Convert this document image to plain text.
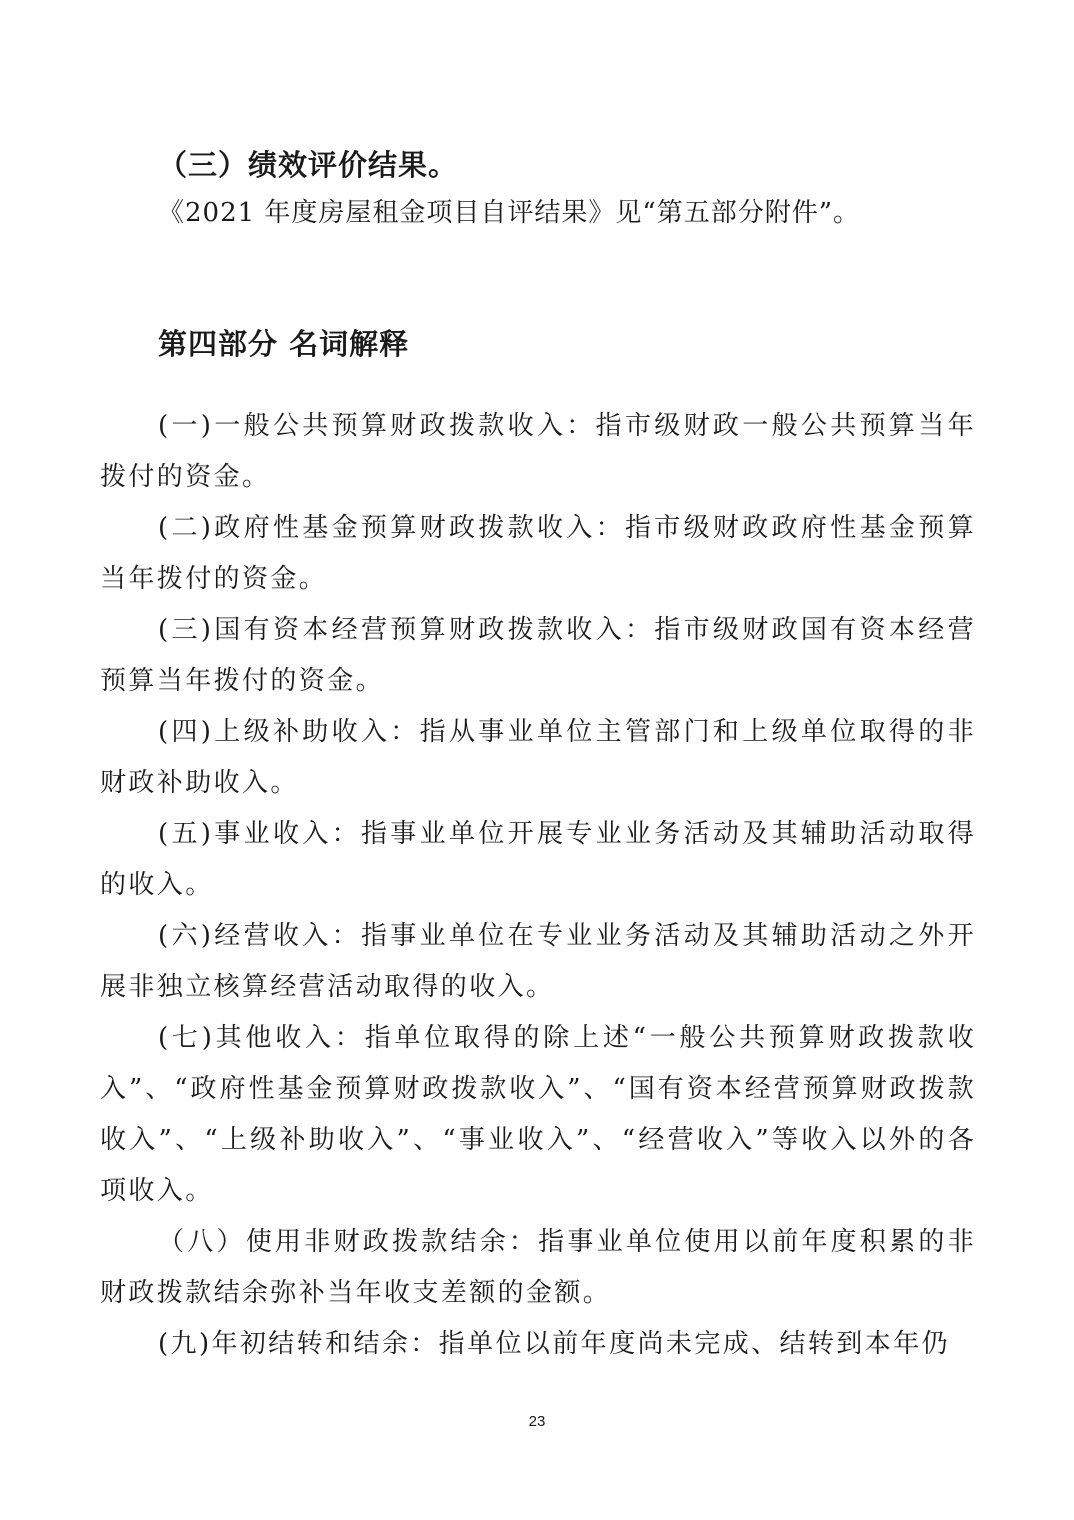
（三）绩效评价结果。
《2021 年度房屋租金项目自评结果》见“第五部分附件”。
第四部分 名词解释

(一)一般公共预算财政拨款收入：指市级财政一般公共预算当年拨付的资金。

(二)政府性基金预算财政拨款收入：指市级财政政府性基金预算当年拨付的资金。

(三)国有资本经营预算财政拨款收入：指市级财政国有资本经营预算当年拨付的资金。

(四)上级补助收入：指从事业单位主管部门和上级单位取得的非财政补助收入。

(五)事业收入：指事业单位开展专业业务活动及其辅助活动取得的收入。

(六)经营收入：指事业单位在专业业务活动及其辅助活动之外开展非独立核算经营活动取得的收入。

(七)其他收入：指单位取得的除上述“一般公共预算财政拨款收入”、“政府性基金预算财政拨款收入”、“国有资本经营预算财政拨款收入”、“上级补助收入”、“事业收入”、“经营收入”等收入以外的各项收入。

（八）使用非财政拨款结余：指事业单位使用以前年度积累的非财政拨款结余弥补当年收支差额的金额。

(九)年初结转和结余：指单位以前年度尚未完成、结转到本年仍

23
